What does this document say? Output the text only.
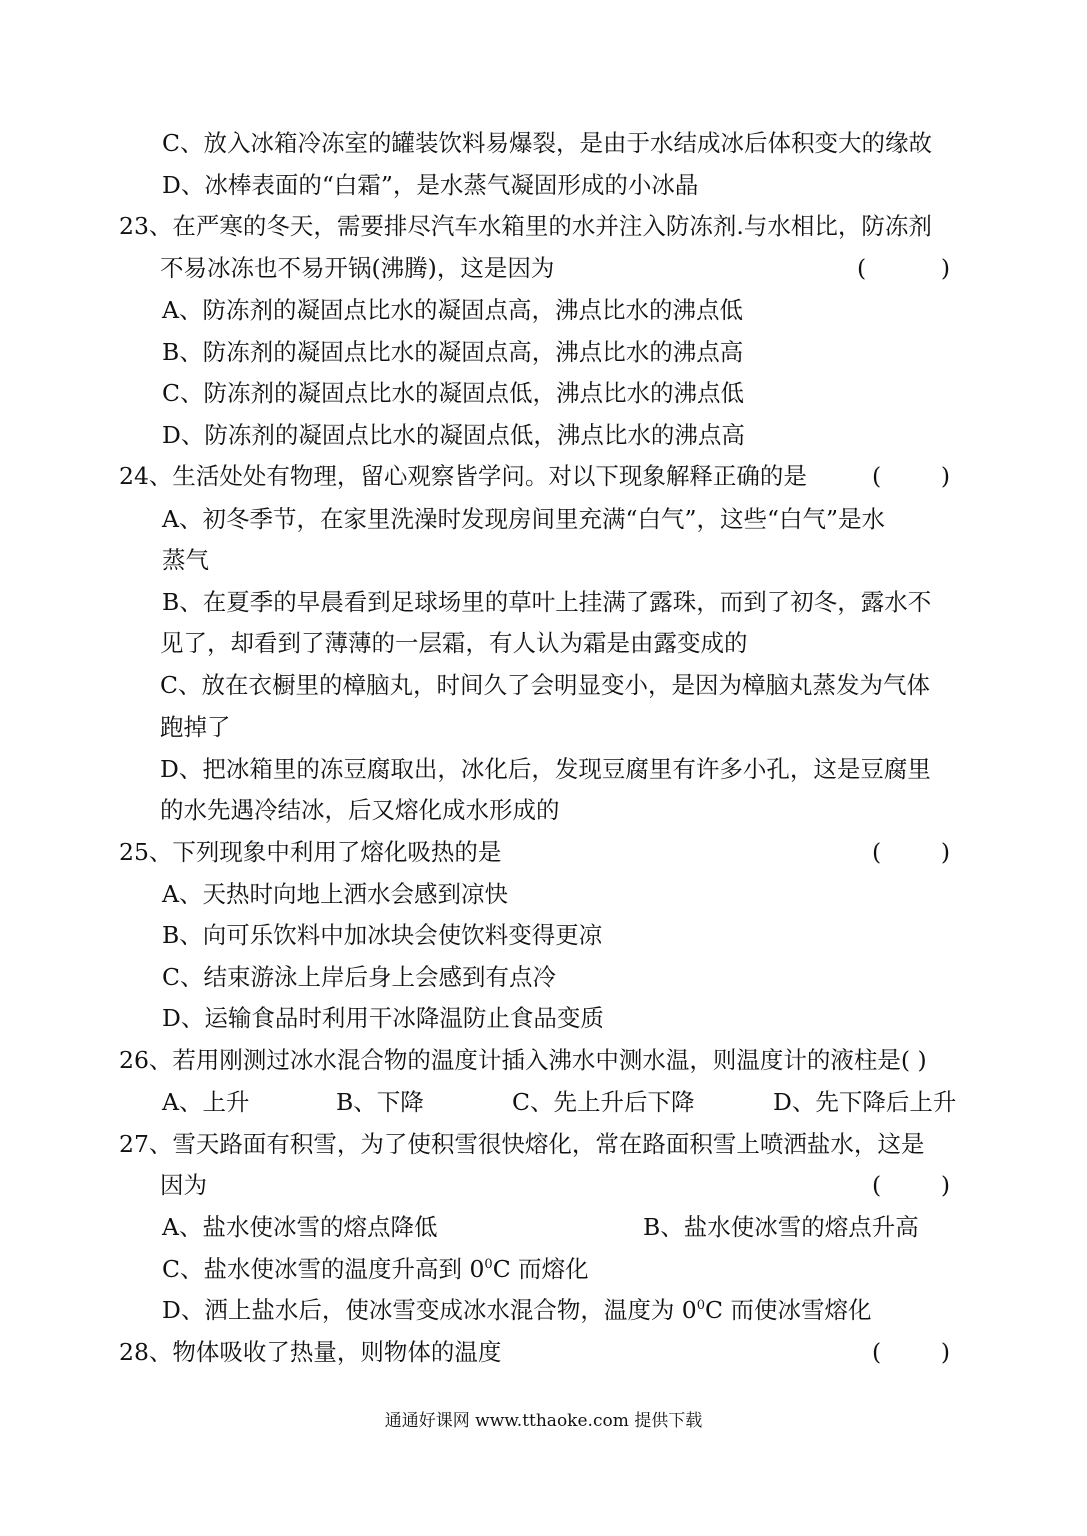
C、放入冰箱冷冻室的罐装饮料易爆裂，是由于水结成冰后体积变大的缘故
D、冰棒表面的“白霜”，是水蒸气凝固形成的小冰晶
23、在严寒的冬天，需要排尽汽车水箱里的水并注入防冻剂.与水相比，防冻剂
不易冰冻也不易开锅(沸腾)，这是因为	(          )
A、防冻剂的凝固点比水的凝固点高，沸点比水的沸点低
B、防冻剂的凝固点比水的凝固点高，沸点比水的沸点高
C、防冻剂的凝固点比水的凝固点低，沸点比水的沸点低
D、防冻剂的凝固点比水的凝固点低，沸点比水的沸点高
24、生活处处有物理，留心观察皆学问。对以下现象解释正确的是	(        )
A、初冬季节，在家里洗澡时发现房间里充满“白气”，这些“白气”是水
蒸气
B、在夏季的早晨看到足球场里的草叶上挂满了露珠，而到了初冬，露水不
见了，却看到了薄薄的一层霜，有人认为霜是由露变成的
C、放在衣橱里的樟脑丸，时间久了会明显变小，是因为樟脑丸蒸发为气体
跑掉了
D、把冰箱里的冻豆腐取出，冰化后，发现豆腐里有许多小孔，这是豆腐里
的水先遇冷结冰，后又熔化成水形成的
25、下列现象中利用了熔化吸热的是	(        )
A、天热时向地上洒水会感到凉快
B、向可乐饮料中加冰块会使饮料变得更凉
C、结束游泳上岸后身上会感到有点冷
D、运输食品时利用干冰降温防止食品变质
26、若用刚测过冰水混合物的温度计插入沸水中测水温，则温度计的液柱是( )
A、上升	B、下降	C、先上升后下降	D、先下降后上升
27、雪天路面有积雪，为了使积雪很快熔化，常在路面积雪上喷洒盐水，这是
因为	(        )
A、盐水使冰雪的熔点降低	B、盐水使冰雪的熔点升高
C、盐水使冰雪的温度升高到 $0^0C$ 而熔化
D、洒上盐水后，使冰雪变成冰水混合物，温度为 $0^0C$ 而使冰雪熔化
28、物体吸收了热量，则物体的温度	(        )
通通好课网 www.tthaoke.com 提供下载
